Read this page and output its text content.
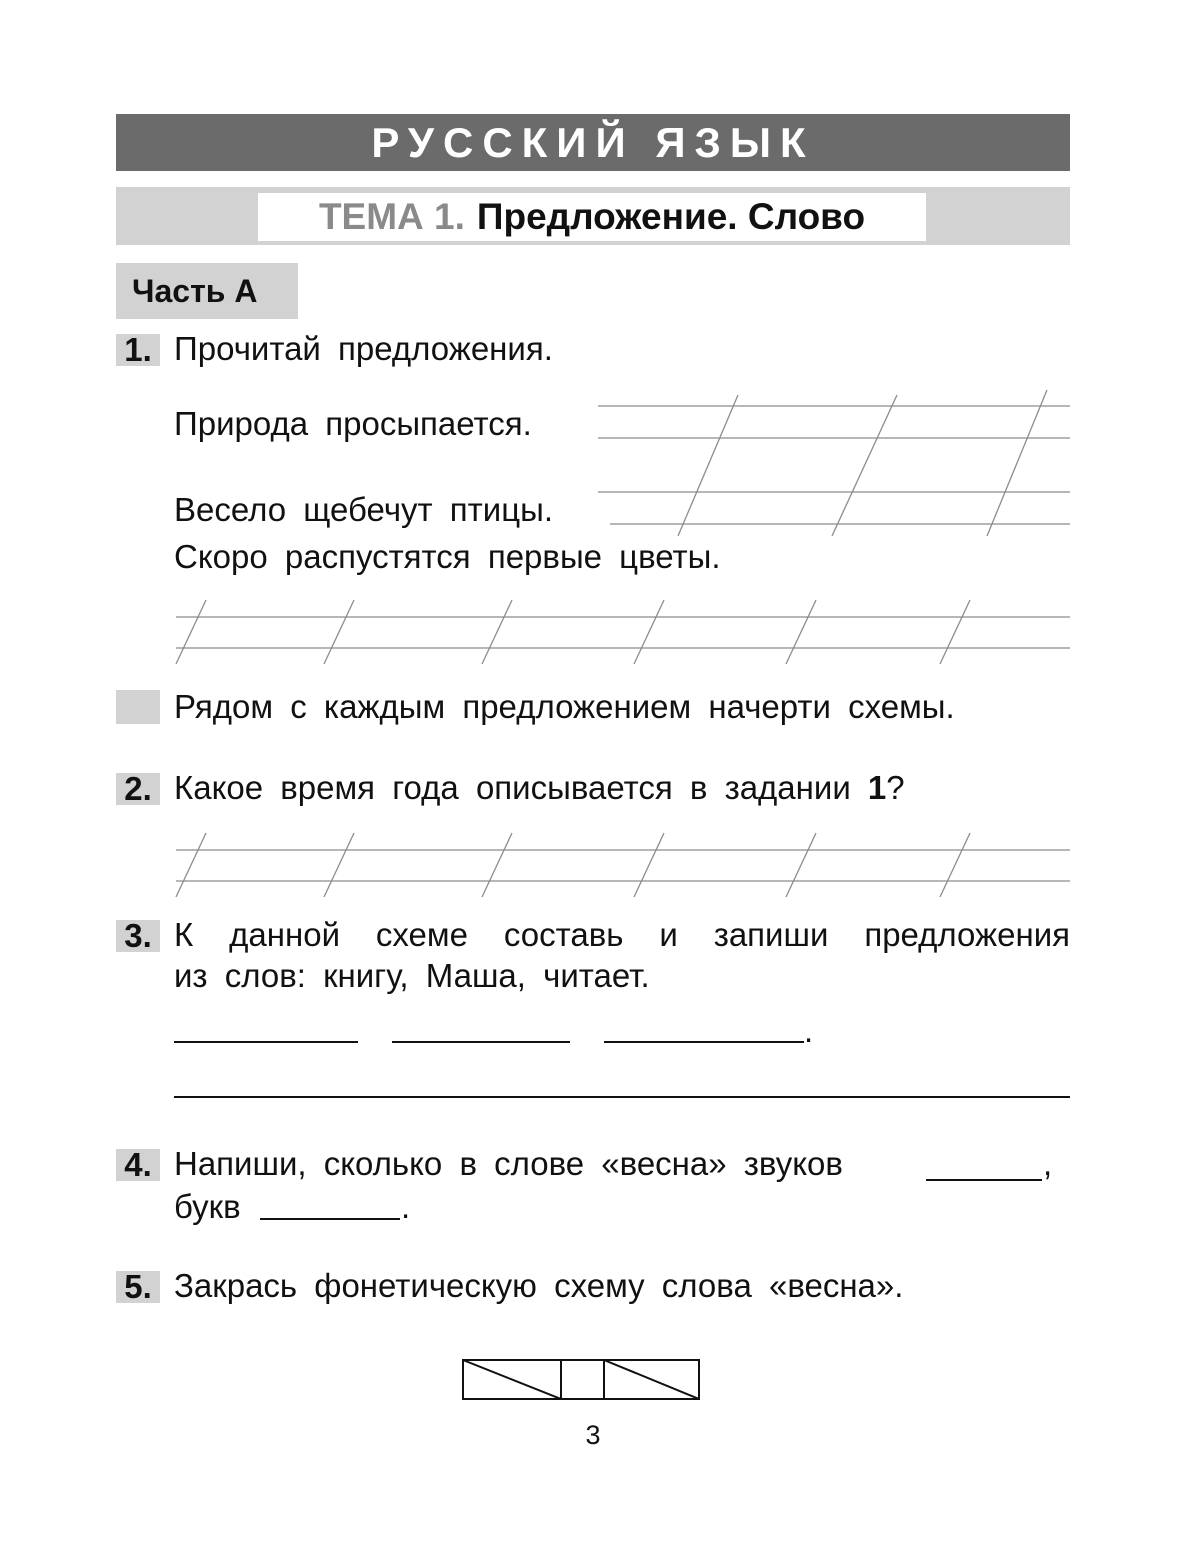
РУССКИЙ ЯЗЫК
ТЕМА 1. Предложение. Слово
Часть А
1. Прочитай предложения.
Природа просыпается.
Весело щебечут птицы.
Скоро распустятся первые цветы.
Рядом с каждым предложением начерти схемы.
2. Какое время года описывается в задании 1?
3. К данной схеме составь и запиши предложения
из слов: книгу, Маша, читает.
.
4. Напиши, сколько в слове «весна» звуков	,
букв	.
5. Закрась фонетическую схему слова «весна».
3
